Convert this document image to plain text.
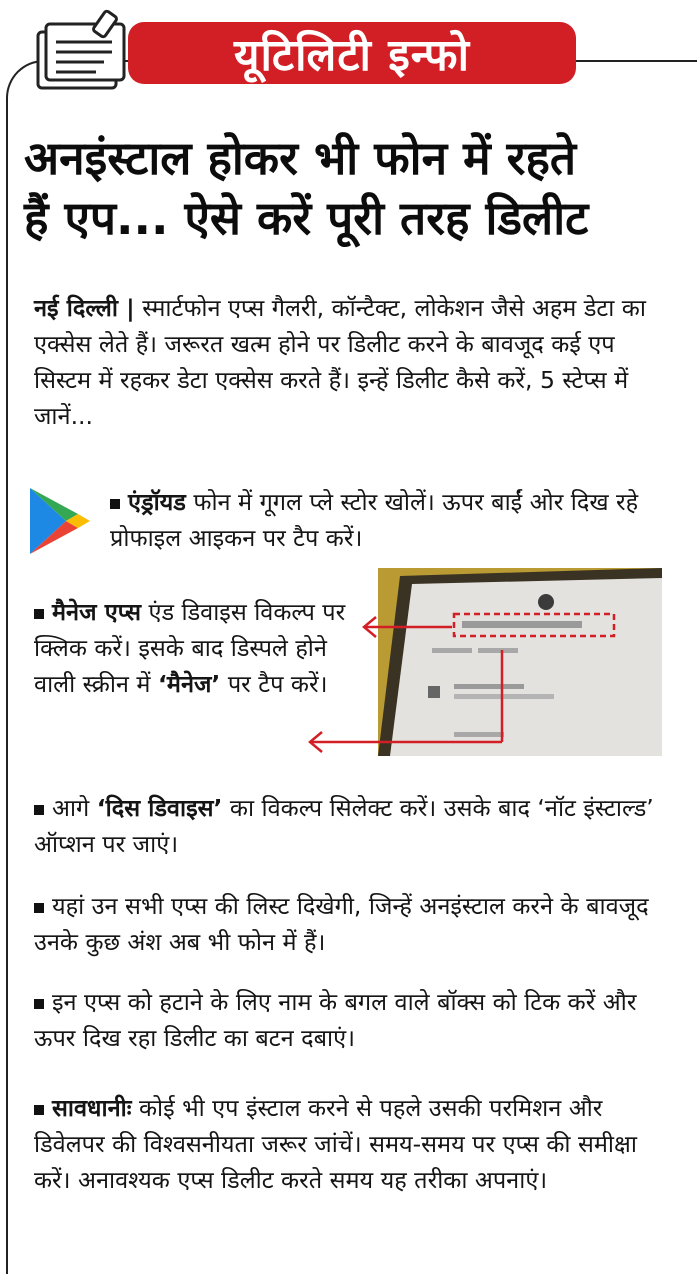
यूटिलिटी इन्फो
अनइंस्टाल होकर भी फोन में रहते
हैं एप... ऐसे करें पूरी तरह डिलीट
नई दिल्ली | स्मार्टफोन एप्स गैलरी, कॉन्टैक्ट, लोकेशन जैसे अहम डेटा का एक्सेस लेते हैं। जरूरत खत्म होने पर डिलीट करने के बावजूद कई एप सिस्टम में रहकर डेटा एक्सेस करते हैं। इन्हें डिलीट कैसे करें, 5 स्टेप्स में जानें...
एंड्रॉयड फोन में गूगल प्ले स्टोर खोलें। ऊपर बाईं ओर दिख रहे प्रोफाइल आइकन पर टैप करें।
मैनेज एप्स एंड डिवाइस विकल्प पर क्लिक करें। इसके बाद डिस्पले होने वाली स्क्रीन में ‘मैनेज’ पर टैप करें।
आगे ‘दिस डिवाइस’ का विकल्प सिलेक्ट करें। उसके बाद ‘नॉट इंस्टाल्ड’ ऑप्शन पर जाएं।
यहां उन सभी एप्स की लिस्ट दिखेगी, जिन्हें अनइंस्टाल करने के बावजूद उनके कुछ अंश अब भी फोन में हैं।
इन एप्स को हटाने के लिए नाम के बगल वाले बॉक्स को टिक करें और ऊपर दिख रहा डिलीट का बटन दबाएं।
सावधानीः कोई भी एप इंस्टाल करने से पहले उसकी परमिशन और डिवेलपर की विश्वसनीयता जरूर जांचें। समय-समय पर एप्स की समीक्षा करें। अनावश्यक एप्स डिलीट करते समय यह तरीका अपनाएं।
